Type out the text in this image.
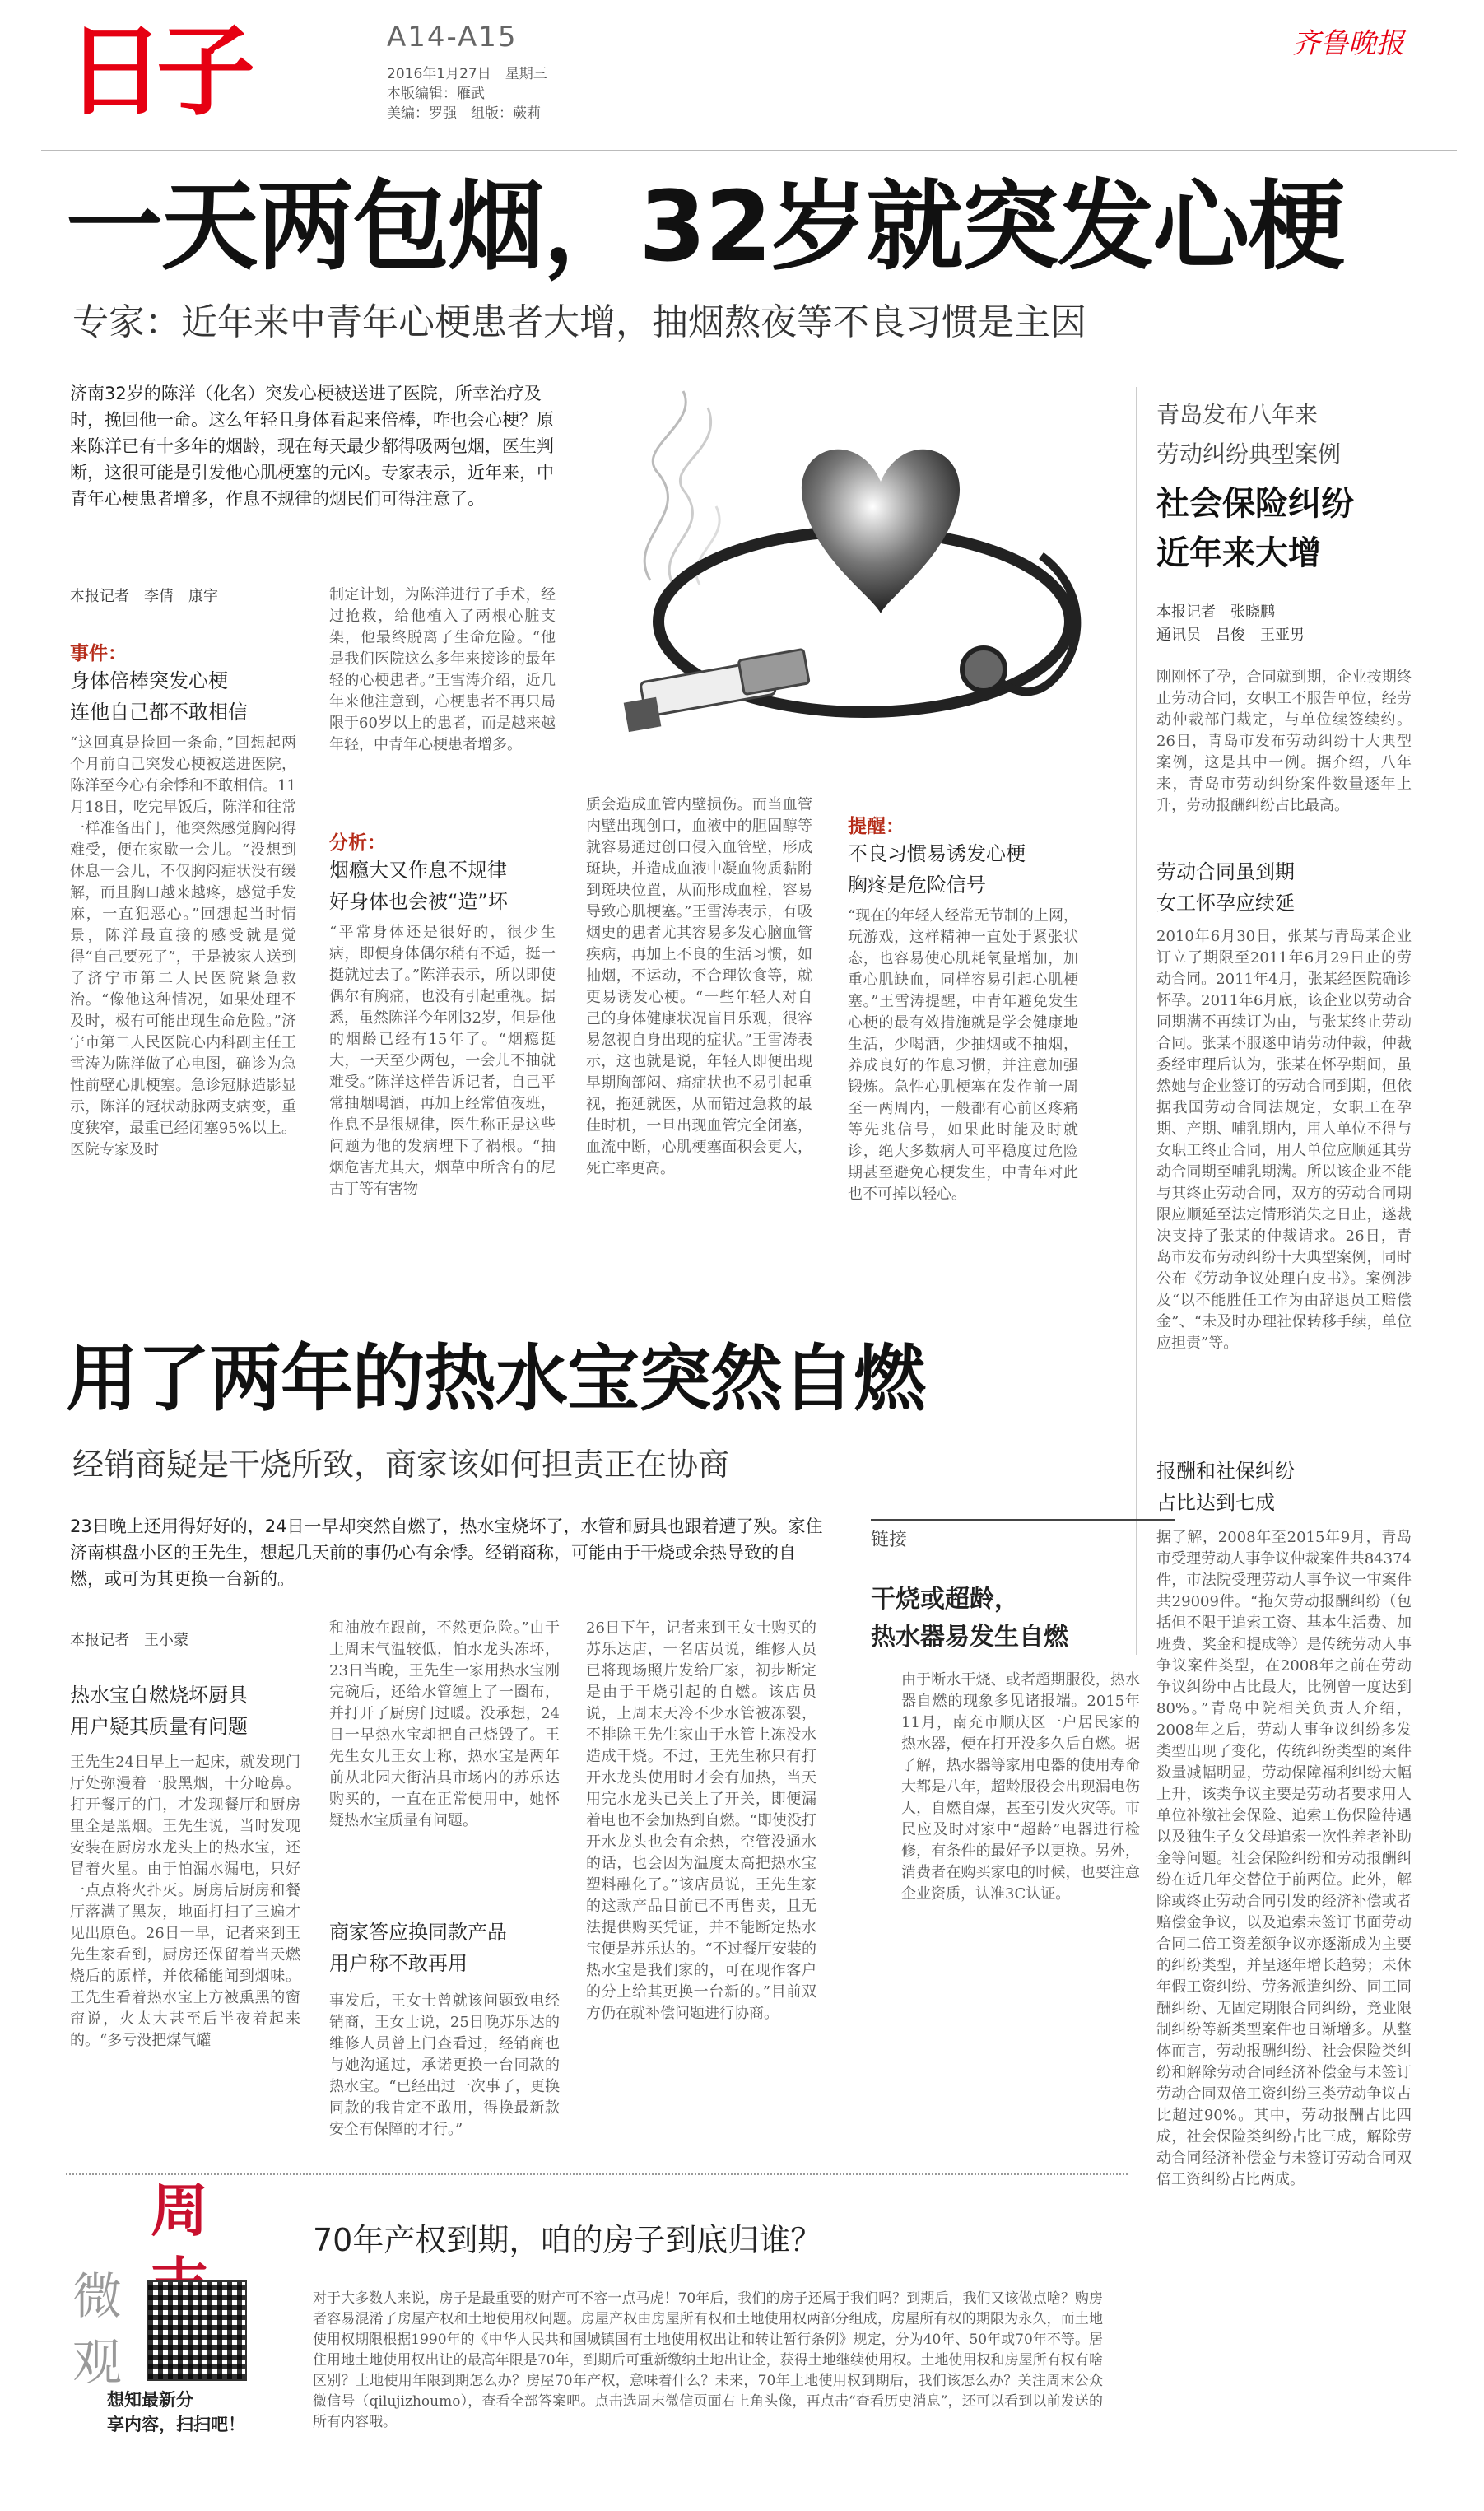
日子	A14-A15
2016年1月27日　星期三
本版编辑：雁武
美编：罗强　组版：蕨莉
齐鲁晚报
一天两包烟，32岁就突发心梗
专家：近年来中青年心梗患者大增，抽烟熬夜等不良习惯是主因
济南32岁的陈洋（化名）突发心梗被送进了医院，所幸治疗及时，挽回他一命。这么年轻且身体看起来倍棒，咋也会心梗？原来陈洋已有十多年的烟龄，现在每天最少都得吸两包烟，医生判断，这很可能是引发他心肌梗塞的元凶。专家表示，近年来，中青年心梗患者增多，作息不规律的烟民们可得注意了。
本报记者　李倩　康宇
事件：
身体倍棒突发心梗
连他自己都不敢相信
“这回真是捡回一条命，”回想起两个月前自己突发心梗被送进医院，陈洋至今心有余悸和不敢相信。11月18日，吃完早饭后，陈洋和往常一样准备出门，他突然感觉胸闷得难受，便在家歇一会儿。“没想到休息一会儿，不仅胸闷症状没有缓解，而且胸口越来越疼，感觉手发麻，一直犯恶心。”回想起当时情景，陈洋最直接的感受就是觉得“自己要死了”，于是被家人送到了济宁市第二人民医院紧急救治。“像他这种情况，如果处理不及时，极有可能出现生命危险。”济宁市第二人民医院心内科副主任王雪涛为陈洋做了心电图，确诊为急性前壁心肌梗塞。急诊冠脉造影显示，陈洋的冠状动脉两支病变，重度狭窄，最重已经闭塞95%以上。医院专家及时
制定计划，为陈洋进行了手术，经过抢救，给他植入了两根心脏支架，他最终脱离了生命危险。“他是我们医院这么多年来接诊的最年轻的心梗患者。”王雪涛介绍，近几年来他注意到，心梗患者不再只局限于60岁以上的患者，而是越来越年轻，中青年心梗患者增多。
分析：
烟瘾大又作息不规律
好身体也会被“造”坏
“平常身体还是很好的，很少生病，即便身体偶尔稍有不适，挺一挺就过去了。”陈洋表示，所以即使偶尔有胸痛，也没有引起重视。据悉，虽然陈洋今年刚32岁，但是他的烟龄已经有15年了。“烟瘾挺大，一天至少两包，一会儿不抽就难受。”陈洋这样告诉记者，自己平常抽烟喝酒，再加上经常值夜班，作息不是很规律，医生称正是这些问题为他的发病埋下了祸根。“抽烟危害尤其大，烟草中所含有的尼古丁等有害物
质会造成血管内壁损伤。而当血管内壁出现创口，血液中的胆固醇等就容易通过创口侵入血管壁，形成斑块，并造成血液中凝血物质黏附到斑块位置，从而形成血栓，容易导致心肌梗塞。”王雪涛表示，有吸烟史的患者尤其容易多发心脑血管疾病，再加上不良的生活习惯，如抽烟，不运动，不合理饮食等，就更易诱发心梗。“一些年轻人对自己的身体健康状况盲目乐观，很容易忽视自身出现的症状。”王雪涛表示，这也就是说，年轻人即便出现早期胸部闷、痛症状也不易引起重视，拖延就医，从而错过急救的最佳时机，一旦出现血管完全闭塞，血流中断，心肌梗塞面积会更大，死亡率更高。
提醒：
不良习惯易诱发心梗
胸疼是危险信号
“现在的年轻人经常无节制的上网，玩游戏，这样精神一直处于紧张状态，也容易使心肌耗氧量增加，加重心肌缺血，同样容易引起心肌梗塞。”王雪涛提醒，中青年避免发生心梗的最有效措施就是学会健康地生活，少喝酒，少抽烟或不抽烟，养成良好的作息习惯，并注意加强锻炼。急性心肌梗塞在发作前一周至一两周内，一般都有心前区疼痛等先兆信号，如果此时能及时就诊，绝大多数病人可平稳度过危险期甚至避免心梗发生，中青年对此也不可掉以轻心。
青岛发布八年来
劳动纠纷典型案例
社会保险纠纷
近年来大增
本报记者　张晓鹏
通讯员　吕俊　王亚男
刚刚怀了孕，合同就到期，企业按期终止劳动合同，女职工不服告单位，经劳动仲裁部门裁定，与单位续签续约。26日，青岛市发布劳动纠纷十大典型案例，这是其中一例。据介绍，八年来，青岛市劳动纠纷案件数量逐年上升，劳动报酬纠纷占比最高。
劳动合同虽到期
女工怀孕应续延
2010年6月30日，张某与青岛某企业订立了期限至2011年6月29日止的劳动合同。2011年4月，张某经医院确诊怀孕。2011年6月底，该企业以劳动合同期满不再续订为由，与张某终止劳动合同。张某不服遂申请劳动仲裁，仲裁委经审理后认为，张某在怀孕期间，虽然她与企业签订的劳动合同到期，但依据我国劳动合同法规定，女职工在孕期、产期、哺乳期内，用人单位不得与女职工终止合同，用人单位应顺延其劳动合同期至哺乳期满。所以该企业不能与其终止劳动合同，双方的劳动合同期限应顺延至法定情形消失之日止，遂裁决支持了张某的仲裁请求。26日，青岛市发布劳动纠纷十大典型案例，同时公布《劳动争议处理白皮书》。案例涉及“以不能胜任工作为由辞退员工赔偿金”、“未及时办理社保转移手续，单位应担责”等。
报酬和社保纠纷
占比达到七成
据了解，2008年至2015年9月，青岛市受理劳动人事争议仲裁案件共84374件，市法院受理劳动人事争议一审案件共29009件。“拖欠劳动报酬纠纷（包括但不限于追索工资、基本生活费、加班费、奖金和提成等）是传统劳动人事争议案件类型，在2008年之前在劳动争议纠纷中占比最大，比例曾一度达到80%。”青岛中院相关负责人介绍，2008年之后，劳动人事争议纠纷多发类型出现了变化，传统纠纷类型的案件数量减幅明显，劳动保障福利纠纷大幅上升，该类争议主要是劳动者要求用人单位补缴社会保险、追索工伤保险待遇以及独生子女父母追索一次性养老补助金等问题。社会保险纠纷和劳动报酬纠纷在近几年交替位于前两位。此外，解除或终止劳动合同引发的经济补偿或者赔偿金争议，以及追索未签订书面劳动合同二倍工资差额争议亦逐渐成为主要的纠纷类型，并呈逐年增长趋势；未休年假工资纠纷、劳务派遣纠纷、同工同酬纠纷、无固定期限合同纠纷，竞业限制纠纷等新类型案件也日渐增多。从整体而言，劳动报酬纠纷、社会保险类纠纷和解除劳动合同经济补偿金与未签订劳动合同双倍工资纠纷三类劳动争议占比超过90%。其中，劳动报酬占比四成，社会保险类纠纷占比三成，解除劳动合同经济补偿金与未签订劳动合同双倍工资纠纷占比两成。
用了两年的热水宝突然自燃
经销商疑是干烧所致，商家该如何担责正在协商
23日晚上还用得好好的，24日一早却突然自燃了，热水宝烧坏了，水管和厨具也跟着遭了殃。家住济南棋盘小区的王先生，想起几天前的事仍心有余悸。经销商称，可能由于干烧或余热导致的自燃，或可为其更换一台新的。
本报记者　王小蒙
热水宝自燃烧坏厨具
用户疑其质量有问题
王先生24日早上一起床，就发现门厅处弥漫着一股黑烟，十分呛鼻。打开餐厅的门，才发现餐厅和厨房里全是黑烟。王先生说，当时发现安装在厨房水龙头上的热水宝，还冒着火星。由于怕漏水漏电，只好一点点将火扑灭。厨房后厨房和餐厅落满了黑灰，地面打扫了三遍才见出原色。26日一早，记者来到王先生家看到，厨房还保留着当天燃烧后的原样，并依稀能闻到烟味。王先生看着热水宝上方被熏黑的窗帘说，火太大甚至后半夜着起来的。“多亏没把煤气罐
和油放在跟前，不然更危险。”由于上周末气温较低，怕水龙头冻坏，23日当晚，王先生一家用热水宝刚完碗后，还给水管缠上了一圈布，并打开了厨房门过暖。没承想，24日一早热水宝却把自己烧毁了。王先生女儿王女士称，热水宝是两年前从北园大街洁具市场内的苏乐达购买的，一直在正常使用中，她怀疑热水宝质量有问题。
商家答应换同款产品
用户称不敢再用
事发后，王女士曾就该问题致电经销商，王女士说，25日晚苏乐达的维修人员曾上门查看过，经销商也与她沟通过，承诺更换一台同款的热水宝。“已经出过一次事了，更换同款的我肯定不敢用，得换最新款安全有保障的才行。”
26日下午，记者来到王女士购买的苏乐达店，一名店员说，维修人员已将现场照片发给厂家，初步断定是由于干烧引起的自燃。该店员说，上周末天冷不少水管被冻裂，不排除王先生家由于水管上冻没水造成干烧。不过，王先生称只有打开水龙头使用时才会有加热，当天用完水龙头已关上了开关，即便漏着电也不会加热到自燃。“即使没打开水龙头也会有余热，空管没通水的话，也会因为温度太高把热水宝塑料融化了。”该店员说，王先生家的这款产品目前已不再售卖，且无法提供购买凭证，并不能断定热水宝便是苏乐达的。“不过餐厅安装的热水宝是我们家的，可在现作客户的分上给其更换一台新的。”目前双方仍在就补偿问题进行协商。
链接
干烧或超龄，
热水器易发生自燃
由于断水干烧、或者超期服役，热水器自燃的现象多见诸报端。2015年11月，南充市顺庆区一户居民家的热水器，便在打开没多久后自燃。据了解，热水器等家用电器的使用寿命大都是八年，超龄服役会出现漏电伤人，自燃自爆，甚至引发火灾等。市民应及时对家中“超龄”电器进行检修，有条件的最好予以更换。另外，消费者在购买家电的时候，也要注意企业资质，认准3C认证。
周
微观
想知最新分
享内容，扫扫吧！
70年产权到期，咱的房子到底归谁？
对于大多数人来说，房子是最重要的财产可不容一点马虎！70年后，我们的房子还属于我们吗？到期后，我们又该做点啥？购房者容易混淆了房屋产权和土地使用权问题。房屋产权由房屋所有权和土地使用权两部分组成，房屋所有权的期限为永久，而土地使用权期限根据1990年的《中华人民共和国城镇国有土地使用权出让和转让暂行条例》规定，分为40年、50年或70年不等。居住用地土地使用权出让的最高年限是70年，到期后可重新缴纳土地出让金，获得土地继续使用权。土地使用权和房屋所有权有啥区别？土地使用年限到期怎么办？房屋70年产权，意味着什么？未来，70年土地使用权到期后，我们该怎么办？关注周末公众微信号（qilujizhoumo），查看全部答案吧。点击选周末微信页面右上角头像，再点击“查看历史消息”，还可以看到以前发送的所有内容哦。
